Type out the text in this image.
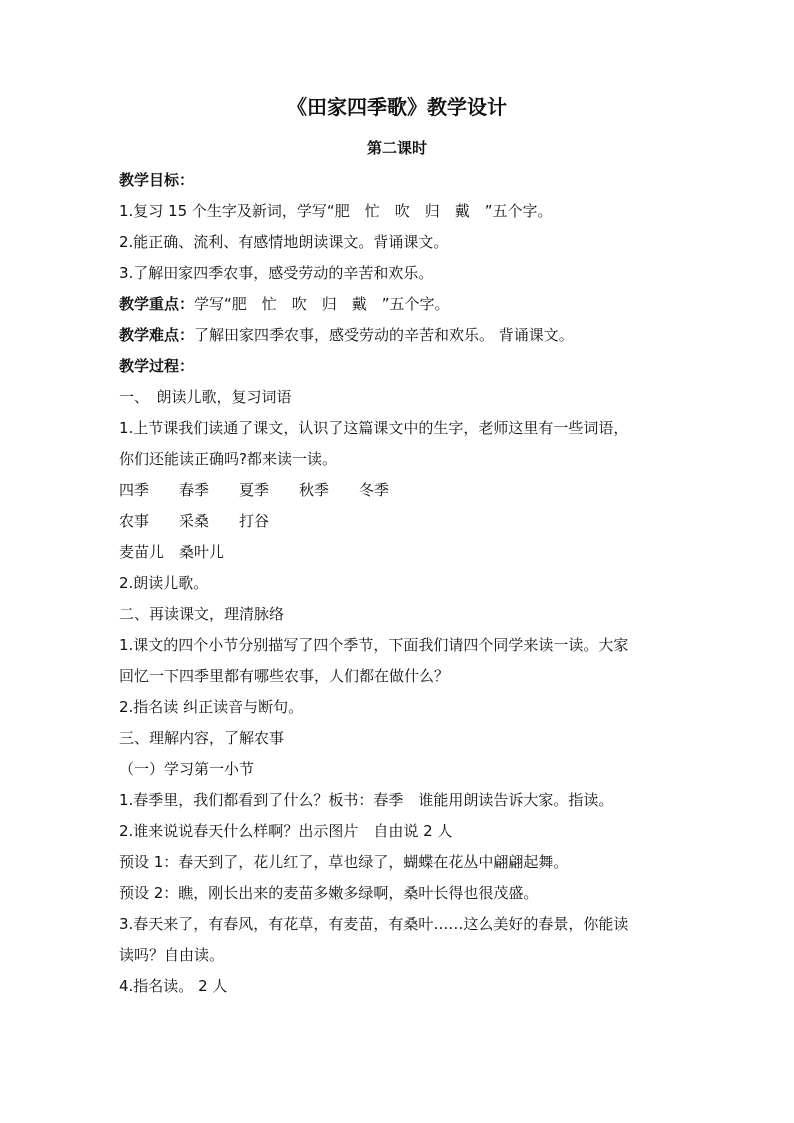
《田家四季歌》教学设计
第二课时

教学目标：

1.复习 15 个生字及新词，学写“肥　忙　吹　归　戴　”五个字。

2.能正确、流利、有感情地朗读课文。背诵课文。

3.了解田家四季农事，感受劳动的辛苦和欢乐。

教学重点：学写“肥　忙　吹　归　戴　”五个字。

教学难点：了解田家四季农事，感受劳动的辛苦和欢乐。 背诵课文。

教学过程：

一、　朗读儿歌，复习词语

1.上节课我们读通了课文，认识了这篇课文中的生字，老师这里有一些词语，

你们还能读正确吗?都来读一读。

四季　　春季　　夏季　　秋季　　冬季

农事　　采桑　　打谷

麦苗儿　桑叶儿

2.朗读儿歌。

二、再读课文，理清脉络

1.课文的四个小节分别描写了四个季节，下面我们请四个同学来读一读。大家

回忆一下四季里都有哪些农事，人们都在做什么？

2.指名读 纠正读音与断句。

三、理解内容，了解农事

（一）学习第一小节

1.春季里，我们都看到了什么？板书：春季　谁能用朗读告诉大家。指读。

2.谁来说说春天什么样啊？出示图片　自由说 2 人

预设 1：春天到了，花儿红了，草也绿了，蝴蝶在花丛中翩翩起舞。

预设 2：瞧，刚长出来的麦苗多嫩多绿啊，桑叶长得也很茂盛。

3.春天来了，有春风，有花草，有麦苗，有桑叶……这么美好的春景，你能读

读吗？自由读。

4.指名读。 2 人
